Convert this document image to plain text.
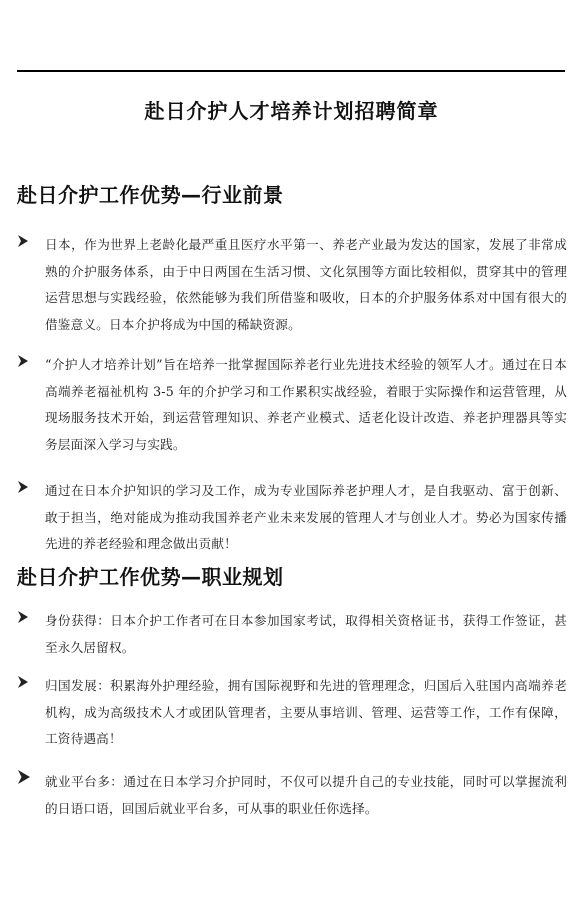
赴日介护人才培养计划招聘简章
赴日介护工作优势—行业前景
日本，作为世界上老龄化最严重且医疗水平第一、养老产业最为发达的国家，发展了非常成熟的介护服务体系，由于中日两国在生活习惯、文化氛围等方面比较相似，贯穿其中的管理运营思想与实践经验，依然能够为我们所借鉴和吸收，日本的介护服务体系对中国有很大的借鉴意义。日本介护将成为中国的稀缺资源。
“介护人才培养计划”旨在培养一批掌握国际养老行业先进技术经验的领军人才。通过在日本高端养老福祉机构 3-5 年的介护学习和工作累积实战经验，着眼于实际操作和运营管理，从现场服务技术开始，到运营管理知识、养老产业模式、适老化设计改造、养老护理器具等实务层面深入学习与实践。
通过在日本介护知识的学习及工作，成为专业国际养老护理人才，是自我驱动、富于创新、敢于担当，绝对能成为推动我国养老产业未来发展的管理人才与创业人才。势必为国家传播先进的养老经验和理念做出贡献！
赴日介护工作优势—职业规划
身份获得：日本介护工作者可在日本参加国家考试，取得相关资格证书，获得工作签证，甚至永久居留权。
归国发展：积累海外护理经验，拥有国际视野和先进的管理理念，归国后入驻国内高端养老机构，成为高级技术人才或团队管理者，主要从事培训、管理、运营等工作，工作有保障，工资待遇高！
就业平台多：通过在日本学习介护同时，不仅可以提升自己的专业技能，同时可以掌握流利的日语口语，回国后就业平台多，可从事的职业任你选择。
